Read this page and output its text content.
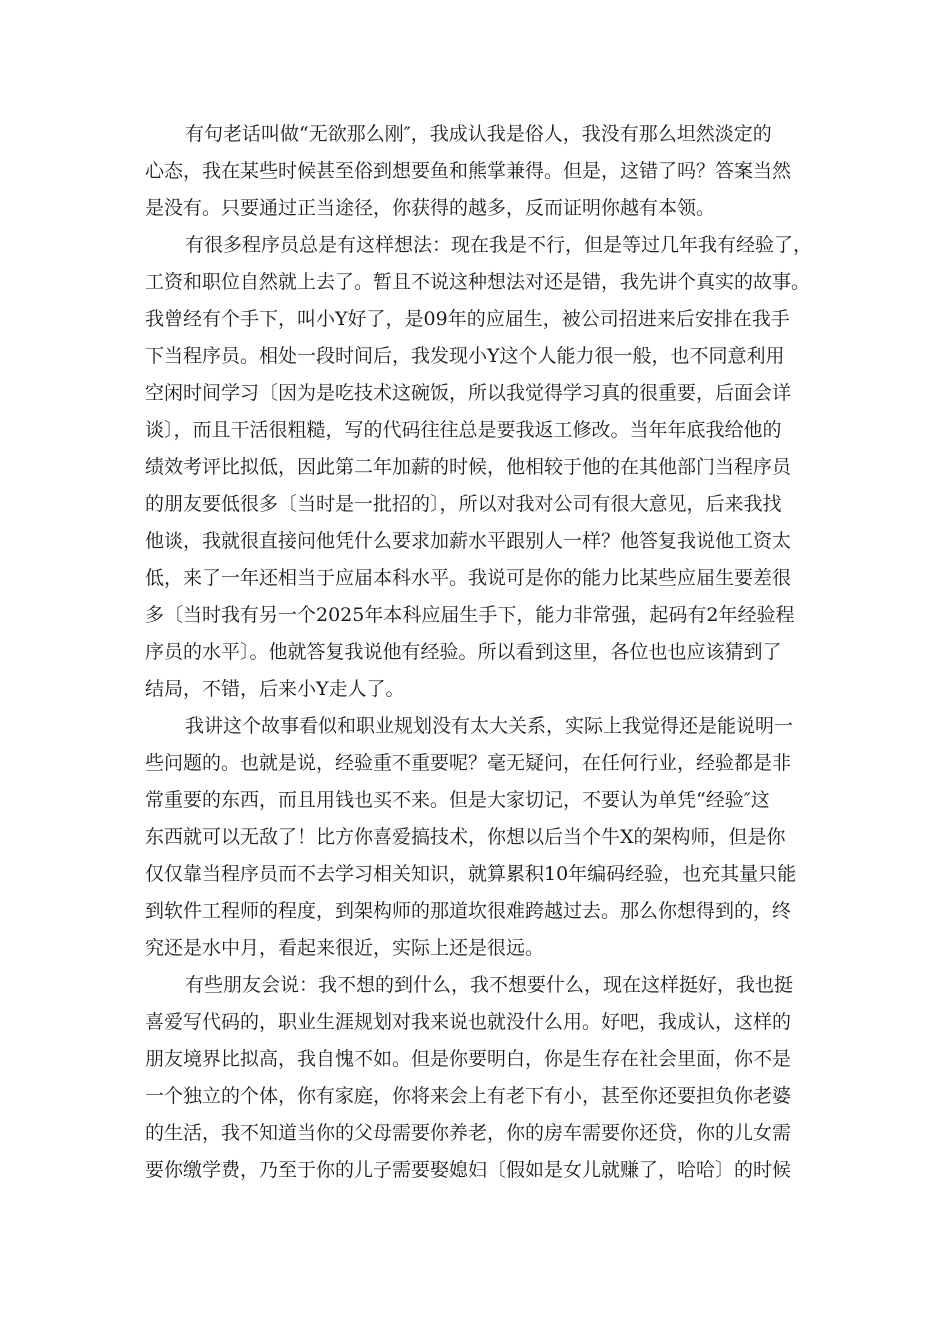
有句老话叫做“无欲那么刚″，我成认我是俗人，我没有那么坦然淡定的
心态，我在某些时候甚至俗到想要鱼和熊掌兼得。但是，这错了吗？答案当然
是没有。只要通过正当途径，你获得的越多，反而证明你越有本领。

有很多程序员总是有这样想法：现在我是不行，但是等过几年我有经验了，
工资和职位自然就上去了。暂且不说这种想法对还是错，我先讲个真实的故事。
我曾经有个手下，叫小Y好了，是09年的应届生，被公司招进来后安排在我手
下当程序员。相处一段时间后，我发现小Y这个人能力很一般，也不同意利用
空闲时间学习〔因为是吃技术这碗饭，所以我觉得学习真的很重要，后面会详
谈〕，而且干活很粗糙，写的代码往往总是要我返工修改。当年年底我给他的
绩效考评比拟低，因此第二年加薪的时候，他相较于他的在其他部门当程序员
的朋友要低很多〔当时是一批招的〕，所以对我对公司有很大意见，后来我找
他谈，我就很直接问他凭什么要求加薪水平跟别人一样？他答复我说他工资太
低，来了一年还相当于应届本科水平。我说可是你的能力比某些应届生要差很
多〔当时我有另一个2025年本科应届生手下，能力非常强，起码有2年经验程
序员的水平〕。他就答复我说他有经验。所以看到这里，各位也也应该猜到了
结局，不错，后来小Y走人了。

我讲这个故事看似和职业规划没有太大关系，实际上我觉得还是能说明一
些问题的。也就是说，经验重不重要呢？毫无疑问，在任何行业，经验都是非
常重要的东西，而且用钱也买不来。但是大家切记，不要认为单凭“经验″这
东西就可以无敌了！比方你喜爱搞技术，你想以后当个牛X的架构师，但是你
仅仅靠当程序员而不去学习相关知识，就算累积10年编码经验，也充其量只能
到软件工程师的程度，到架构师的那道坎很难跨越过去。那么你想得到的，终
究还是水中月，看起来很近，实际上还是很远。

有些朋友会说：我不想的到什么，我不想要什么，现在这样挺好，我也挺
喜爱写代码的，职业生涯规划对我来说也就没什么用。好吧，我成认，这样的
朋友境界比拟高，我自愧不如。但是你要明白，你是生存在社会里面，你不是
一个独立的个体，你有家庭，你将来会上有老下有小，甚至你还要担负你老婆
的生活，我不知道当你的父母需要你养老，你的房车需要你还贷，你的儿女需
要你缴学费，乃至于你的儿子需要娶媳妇〔假如是女儿就赚了，哈哈〕的时候
